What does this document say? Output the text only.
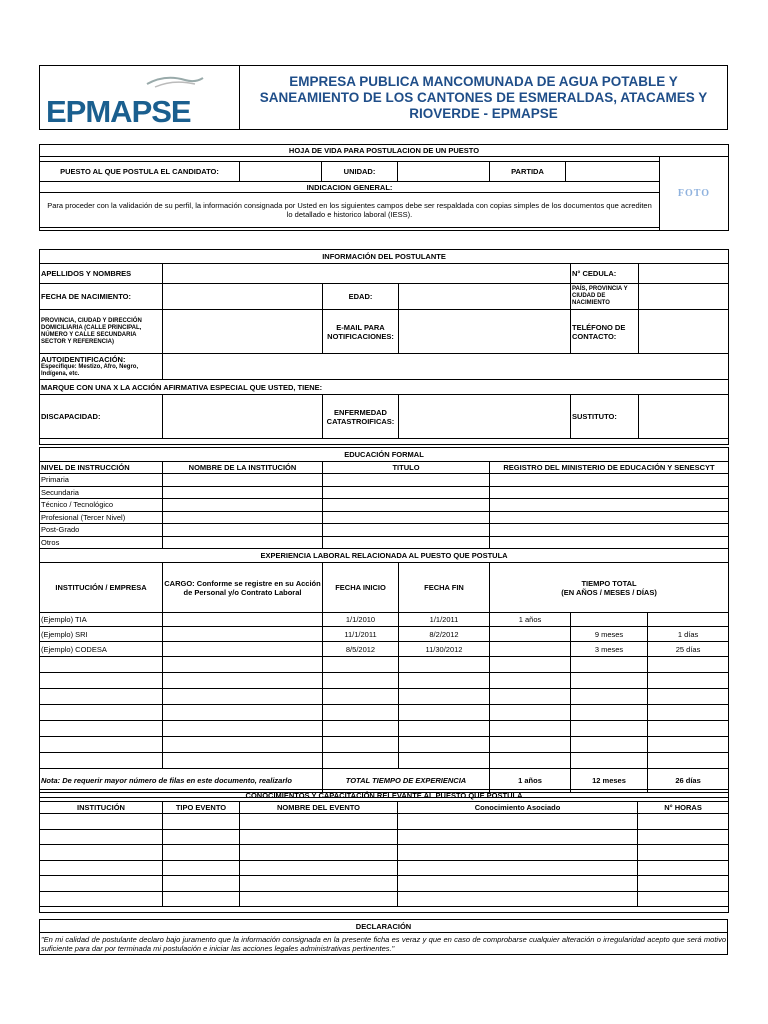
EPMAPSE
EMPRESA PUBLICA MANCOMUNADA DE AGUA POTABLE Y SANEAMIENTO DE LOS CANTONES DE ESMERALDAS, ATACAMES Y RIOVERDE - EPMAPSE
HOJA DE VIDA PARA POSTULACION DE UN PUESTO						

						FOTO

PUESTO AL QUE POSTULA EL CANDIDATO:		UNIDAD:		PARTIDA		
INDICACION GENERAL:						
Para proceder con la validación de su perfil, la información consignada por Usted en los siguientes campos debe ser respaldada con copias simples de los documentos que acrediten lo detallado e historico laboral (IESS).						

INFORMACIÓN DEL POSTULANTE					
APELLIDOS Y NOMBRES				N° CEDULA:	
FECHA DE NACIMIENTO:		EDAD:		PAÍS, PROVINCIA Y CIUDAD DE NACIMIENTO	
PROVINCIA, CIUDAD Y DIRECCIÓN DOMICILIARIA (CALLE PRINCIPAL, NÚMERO Y CALLE SECUNDARIA SECTOR Y REFERENCIA)		E-MAIL PARA NOTIFICACIONES:		TELÉFONO DE CONTACTO:	

AUTOIDENTIFICACIÓN:
Especifique: Mestizo, Afro, Negro, Indígena, etc.					

MARQUE CON UNA X LA ACCIÓN AFIRMATIVA ESPECIAL QUE USTED, TIENE:					
DISCAPACIDAD:		ENFERMEDAD CATASTROIFICAS:		SUSTITUTO:	

EDUCACIÓN FORMAL			
NIVEL DE INSTRUCCIÓN	NOMBRE DE LA INSTITUCIÓN	TITULO	REGISTRO DEL MINISTERIO DE EDUCACIÓN Y SENESCYT
Primaria			
Secundaria			
Técnico / Tecnológico			
Profesional (Tercer Nivel)			
Post-Grado			
Otros			
EXPERIENCIA LABORAL RELACIONADA AL PUESTO QUE POSTULA						
INSTITUCIÓN / EMPRESA	CARGO: Conforme se registre en su Acción de Personal y/o Contrato Laboral	FECHA INICIO	FECHA FIN	TIEMPO TOTAL
(EN AÑOS / MESES / DÍAS)		

(Ejemplo) TIA		1/1/2010	1/1/2011	1 años		
(Ejemplo) SRI		11/1/2011	8/2/2012		9 meses	1 días
(Ejemplo) CODESA		8/5/2012	11/30/2012		3 meses	25 días

Nota: De requerir mayor número de filas en este documento, realizarlo		TOTAL TIEMPO DE EXPERIENCIA		1 años	12 meses	26 días

CONOCIMIENTOS Y CAPACITACIÓN RELEVANTE AL PUESTO QUE POSTULA				
INSTITUCIÓN	TIPO EVENTO	NOMBRE DEL EVENTO	Conocimiento Asociado	N° HORAS

DECLARACIÓN
"En mi calidad de postulante declaro bajo juramento que la información consignada en la presente ficha es veraz y que en caso de comprobarse cualquier alteración o irregularidad acepto que será motivo suficiente para dar por terminada mi postulación e iniciar las acciones legales administrativas pertinentes."
